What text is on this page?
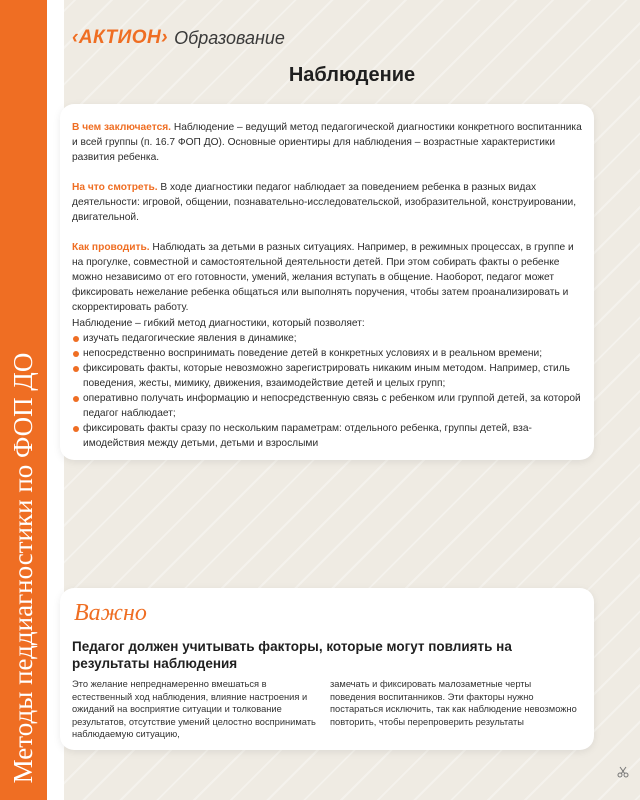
Методы педдиагностики по ФОП ДО
‹АКТИОН› Образование
Наблюдение

В чем заключается. Наблюдение – ведущий метод педагогической диагностики конкретного воспитанника и всей группы (п. 16.7 ФОП ДО). Основные ориентиры для наблюдения – возрастные характеристики развития ребенка.

На что смотреть. В ходе диагностики педагог наблюдает за поведением ребенка в разных видах деятельности: игровой, общении, познавательно-исследовательской, изобразительной, конструировании, двигательной.

Как проводить. Наблюдать за детьми в разных ситуациях. Например, в режимных процессах, в группе и на прогулке, совместной и самостоятельной деятельности детей. При этом собирать факты о ребенке можно независимо от его готовности, умений, желания вступать в общение. Наоборот, педагог может фиксировать нежелание ребенка общаться или выполнять поручения, чтобы затем проанализировать и скорректировать работу.

Наблюдение – гибкий метод диагностики, который позволяет:

изучать педагогические явления в динамике;
непосредственно воспринимать поведение детей в конкретных условиях и в реальном времени;
фиксировать факты, которые невозможно зарегистрировать никаким иным методом. Например, стиль поведения, жесты, мимику, движения, взаимодействие детей и целых групп;
оперативно получать информацию и непосредственную связь с ребенком или группой детей, за которой педагог наблюдает;
фиксировать факты сразу по нескольким параметрам: отдельного ребенка, группы детей, взаимодействия между детьми, детьми и взрослыми
Важно
Педагог должен учитывать факторы, которые могут повлиять на результаты наблюдения

Это желание непреднамеренно вмешаться в естественный ход наблюдения, влияние настроения и ожиданий на восприятие ситуации и толкование результатов, отсутствие умений целостно воспринимать наблюдаемую ситуацию,

замечать и фиксировать малозаметные черты поведения воспитанников. Эти факторы нужно постараться исключить, так как наблюдение невозможно повторить, чтобы перепроверить результаты
